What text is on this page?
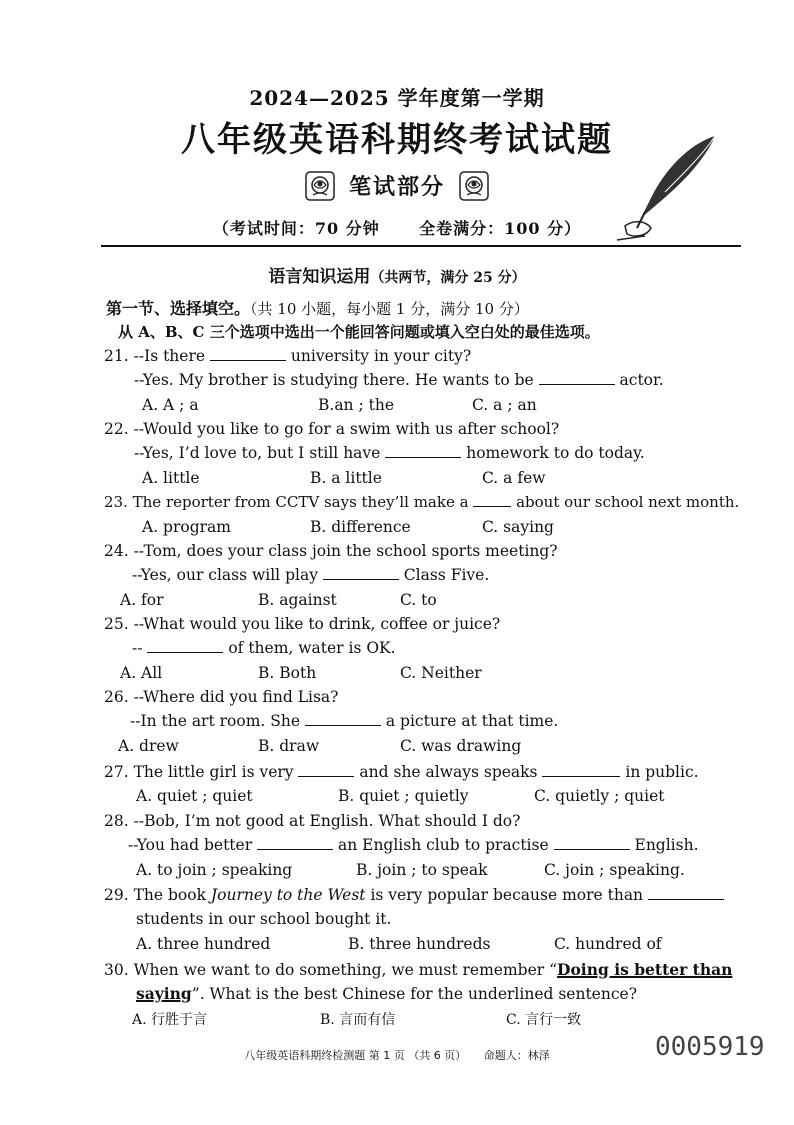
2024—2025 学年度第一学期
八年级英语科期终考试试题
笔试部分
（考试时间：70 分钟      全卷满分：100 分）
语言知识运用（共两节，满分 25 分）
第一节、选择填空。（共 10 小题，每小题 1 分，满分 10 分）
从 A、B、C 三个选项中选出一个能回答问题或填入空白处的最佳选项。
21. --Is there	university in your city?
--Yes. My brother is studying there. He wants to be	actor.
A. A ; a	B.an ; the	C. a ; an
22. --Would you like to go for a swim with us after school?
--Yes, I’d love to, but I still have	homework to do today.
A. little	B. a little	C. a few
23. The reporter from CCTV says they’ll make a	about our school next month.
A. program	B. difference	C. saying
24. --Tom, does your class join the school sports meeting?
--Yes, our class will play	Class Five.
A. for	B. against	C. to
25. --What would you like to drink, coffee or juice?
--	of them, water is OK.
A. All	B. Both	C. Neither
26. --Where did you find Lisa?
--In the art room. She	a picture at that time.
A. drew	B. draw	C. was drawing
27. The little girl is very	and she always speaks	in public.
A. quiet ; quiet	B. quiet ; quietly	C. quietly ; quiet
28. --Bob, I’m not good at English. What should I do?
--You had better	an English club to practise	English.
A. to join ; speaking	B. join ; to speak	C. join ; speaking.
29. The book Journey to the West is very popular because more than
students in our school bought it.
A. three hundred	B. three hundreds	C. hundred of
30. When we want to do something, we must remember “Doing is better than
saying”. What is the best Chinese for the underlined sentence?
A. 行胜于言	B. 言而有信	C. 言行一致
八年级英语科期终检测题 第 1 页 （共 6 页）     命题人：林泽	0005919
